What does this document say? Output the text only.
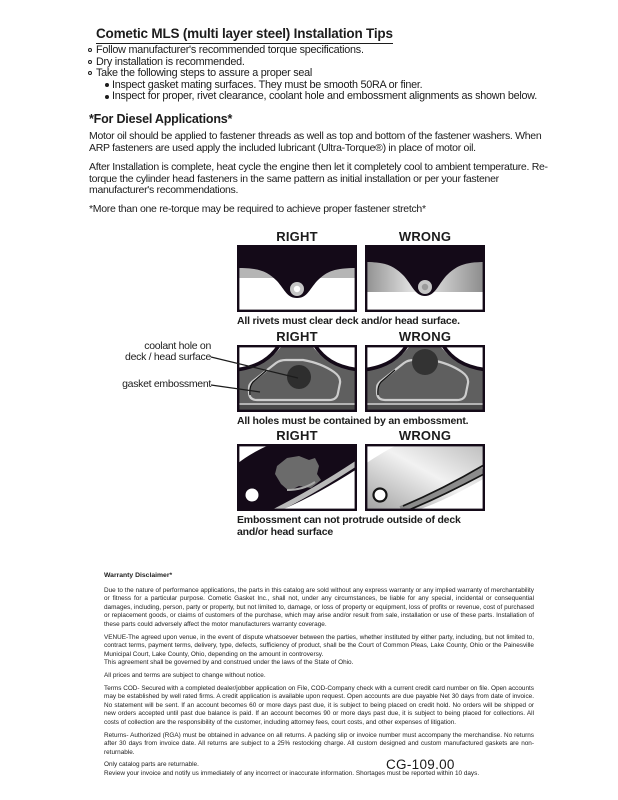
Cometic MLS (multi layer steel) Installation Tips
Follow manufacturer's recommended torque specifications.
Dry installation is recommended.
Take the following steps to assure a proper seal
Inspect gasket mating surfaces. They must be smooth 50RA or finer.
Inspect for proper, rivet clearance, coolant hole and embossment alignments as shown below.
*For Diesel Applications*

Motor oil should be applied to fastener threads as well as top and bottom of the fastener washers. When ARP fasteners are used apply the included lubricant (Ultra-Torque®) in place of motor oil.

After Installation is complete, heat cycle the engine then let it completely cool to ambient temperature. Re-torque the cylinder head fasteners in the same pattern as initial installation or per your fastener manufacturer's recommendations.

*More than one re-torque may be required to achieve proper fastener stretch*

RIGHT	WRONG
All rivets must clear deck and/or head surface.
RIGHT	WRONG
All holes must be contained by an embossment.
coolant hole on
deck / head surface
gasket embossment
RIGHT	WRONG
Embossment can not protrude outside of deck and/or head surface
Warranty Disclaimer*

Due to the nature of performance applications, the parts in this catalog are sold without any express warranty or any implied warranty of merchantability or fitness for a particular purpose. Cometic Gasket Inc., shall not, under any circumstances, be liable for any special, incidental or consequential damages, including, person, party or property, but not limited to, damage, or loss of property or equipment, loss of profits or revenue, cost of purchased or replacement goods, or claims of customers of the purchase, which may arise and/or result from sale, installation or use of these parts. Installation of these parts could adversely affect the motor manufacturers warranty coverage.

VENUE-The agreed upon venue, in the event of dispute whatsoever between the parties, whether instituted by either party, including, but not limited to, contract terms, payment terms, delivery, type, defects, sufficiency of product, shall be the Court of Common Pleas, Lake County, Ohio or the Painesville Municipal Court, Lake County, Ohio, depending on the amount in controversy.

This agreement shall be governed by and construed under the laws of the State of Ohio.

All prices and terms are subject to change without notice.

Terms COD- Secured with a completed dealer/jobber application on File, COD-Company check with a current credit card number on file. Open accounts may be established by well rated firms. A credit application is available upon request. Open accounts are due payable Net 30 days from date of invoice. No statement will be sent. If an account becomes 60 or more days past due, it is subject to being placed on credit hold. No orders will be shipped or new orders accepted until past due balance is paid. If an account becomes 90 or more days past due, it is subject to being placed for collections. All costs of collection are the responsibility of the customer, including attorney fees, court costs, and other expenses of litigation.

Returns- Authorized (RGA) must be obtained in advance on all returns. A packing slip or invoice number must accompany the merchandise. No returns after 30 days from invoice date. All returns are subject to a 25% restocking charge. All custom designed and custom manufactured gaskets are non-returnable.

Only catalog parts are returnable.

Review your invoice and notify us immediately of any incorrect or inaccurate information. Shortages must be reported within 10 days.

CG-109.00
